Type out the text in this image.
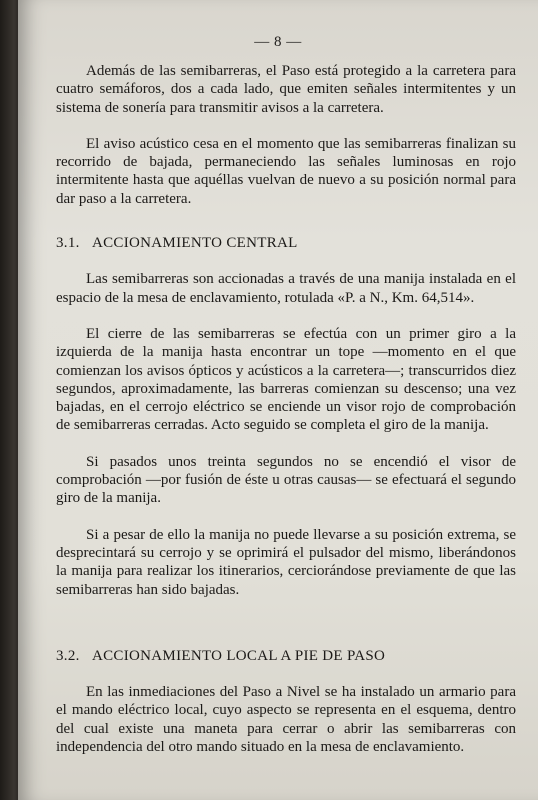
— 8 —

Además de las semibarreras, el Paso está protegido a la carretera para cuatro semáforos, dos a cada lado, que emiten señales intermitentes y un sistema de sonería para transmitir avisos a la carretera.

El aviso acústico cesa en el momento que las semibarreras finalizan su recorrido de bajada, permaneciendo las señales luminosas en rojo intermitente hasta que aquéllas vuelvan de nuevo a su posición normal para dar paso a la carretera.

3.1. ACCIONAMIENTO CENTRAL

Las semibarreras son accionadas a través de una manija instalada en el espacio de la mesa de enclavamiento, rotulada «P. a N., Km. 64,514».

El cierre de las semibarreras se efectúa con un primer giro a la izquierda de la manija hasta encontrar un tope —momento en el que comienzan los avisos ópticos y acústicos a la carretera—; transcurridos diez segundos, aproximadamente, las barreras comienzan su descenso; una vez bajadas, en el cerrojo eléctrico se enciende un visor rojo de comprobación de semibarreras cerradas. Acto seguido se completa el giro de la manija.

Si pasados unos treinta segundos no se encendió el visor de comprobación —por fusión de éste u otras causas— se efectuará el segundo giro de la manija.

Si a pesar de ello la manija no puede llevarse a su posición extrema, se desprecintará su cerrojo y se oprimirá el pulsador del mismo, liberándonos la manija para realizar los itinerarios, cerciorándose previamente de que las semibarreras han sido bajadas.

3.2. ACCIONAMIENTO LOCAL A PIE DE PASO

En las inmediaciones del Paso a Nivel se ha instalado un armario para el mando eléctrico local, cuyo aspecto se representa en el esquema, dentro del cual existe una maneta para cerrar o abrir las semibarreras con independencia del otro mando situado en la mesa de enclavamiento.
